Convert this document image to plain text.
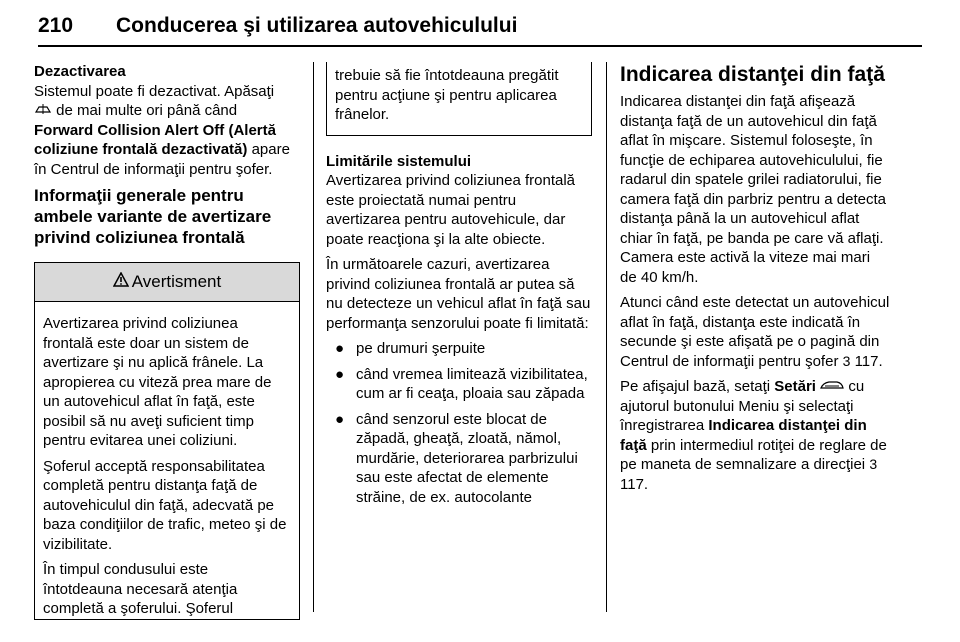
210 Conducerea şi utilizarea autovehiculului
Dezactivarea

Sistemul poate fi dezactivat. Apăsaţi
de mai multe ori până când Forward Collision Alert Off (Alertă coliziune frontală dezactivată) apare în Centrul de informaţii pentru şofer.

Informaţii generale pentru ambele variante de avertizare privind coliziunea frontală
Avertisment

Avertizarea privind coliziunea frontală este doar un sistem de avertizare şi nu aplică frânele. La apropierea cu viteză prea mare de un autovehicul aflat în faţă, este posibil să nu aveţi suficient timp pentru evitarea unei coliziuni.

Şoferul acceptă responsabilitatea completă pentru distanţa faţă de autovehiculul din faţă, adecvată pe baza condiţiilor de trafic, meteo şi de vizibilitate.

În timpul condusului este întotdeauna necesară atenţia completă a şoferului. Şoferul

trebuie să fie întotdeauna pregătit pentru acţiune şi pentru aplicarea frânelor.

Limitările sistemului

Avertizarea privind coliziunea frontală este proiectată numai pentru avertizarea pentru autovehicule, dar poate reacţiona şi la alte obiecte.

În următoarele cazuri, avertizarea privind coliziunea frontală ar putea să nu detecteze un vehicul aflat în faţă sau performanţa senzorului poate fi limitată:

● pe drumuri şerpuite
● când vremea limitează vizibilitatea, cum ar fi ceaţa, ploaia sau zăpada
● când senzorul este blocat de zăpadă, gheaţă, zloată, nămol, murdărie, deteriorarea parbrizului sau este afectat de elemente străine, de ex. autocolante
Indicarea distanţei din faţă

Indicarea distanţei din faţă afişează distanţa faţă de un autovehicul din faţă aflat în mişcare. Sistemul foloseşte, în funcţie de echiparea autovehiculului, fie radarul din spatele grilei radiatorului, fie camera faţă din parbriz pentru a detecta distanţa până la un autovehicul aflat chiar în faţă, pe banda pe care vă aflaţi. Camera este activă la viteze mai mari de 40 km/h.

Atunci când este detectat un autovehicul aflat în faţă, distanţa este indicată în secunde şi este afişată pe o pagină din Centrul de informaţii pentru şofer 3 117.

Pe afişajul bază, setaţi Setări cu ajutorul butonului Meniu şi selectaţi înregistrarea Indicarea distanţei din faţă prin intermediul rotiţei de reglare de pe maneta de semnalizare a direcţiei 3 117.
